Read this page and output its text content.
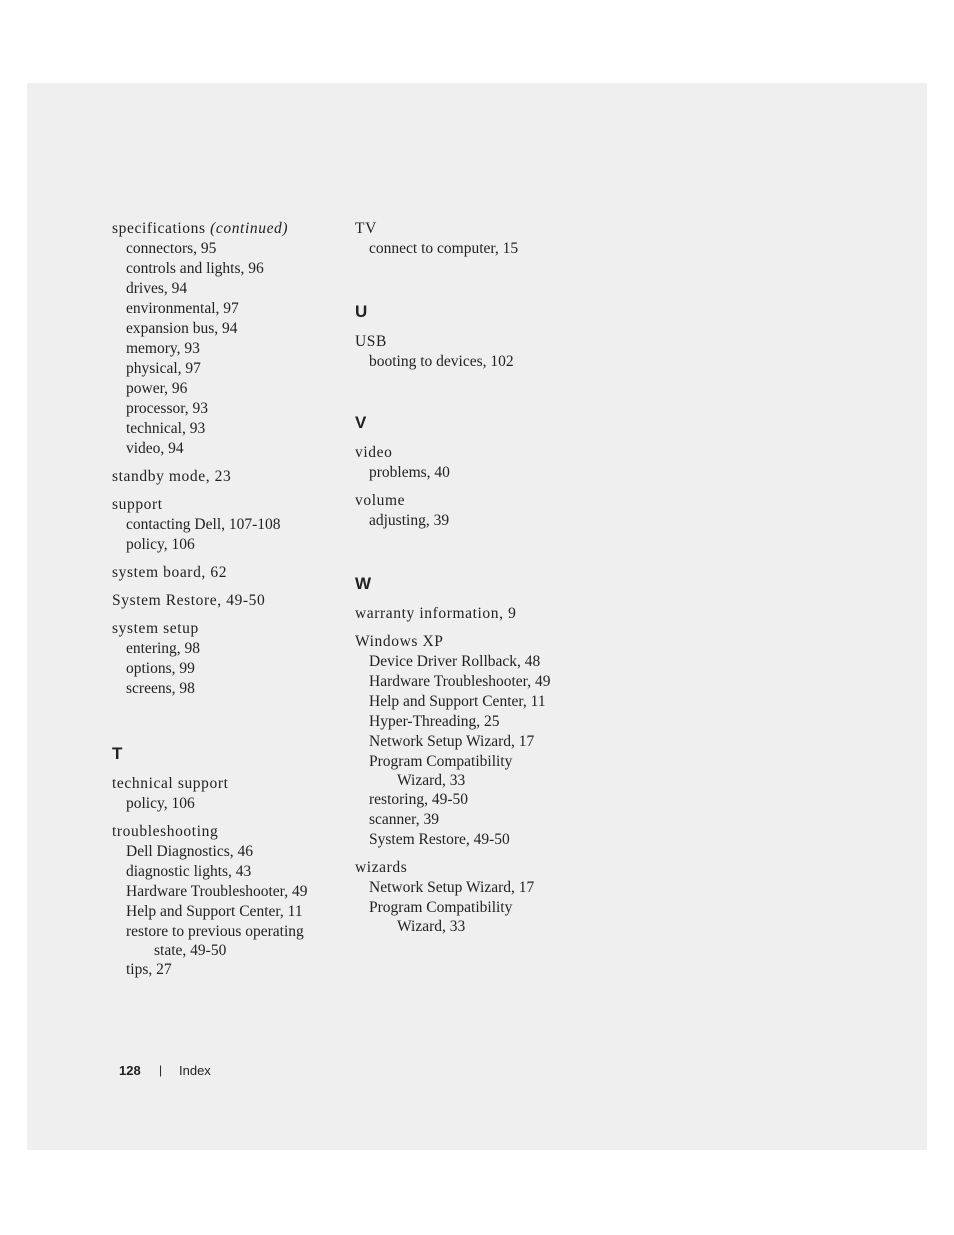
specifications (continued)
connectors, 95
controls and lights, 96
drives, 94
environmental, 97
expansion bus, 94
memory, 93
physical, 97
power, 96
processor, 93
technical, 93
video, 94
standby mode, 23
support
contacting Dell, 107-108
policy, 106
system board, 62
System Restore, 49-50
system setup
entering, 98
options, 99
screens, 98
T
technical support
policy, 106
troubleshooting
Dell Diagnostics, 46
diagnostic lights, 43
Hardware Troubleshooter, 49
Help and Support Center, 11
restore to previous operating
state, 49-50
tips, 27
TV
connect to computer, 15
U
USB
booting to devices, 102
V
video
problems, 40
volume
adjusting, 39
W
warranty information, 9
Windows XP
Device Driver Rollback, 48
Hardware Troubleshooter, 49
Help and Support Center, 11
Hyper-Threading, 25
Network Setup Wizard, 17
Program Compatibility
Wizard, 33
restoring, 49-50
scanner, 39
System Restore, 49-50
wizards
Network Setup Wizard, 17
Program Compatibility
Wizard, 33
128 | Index
